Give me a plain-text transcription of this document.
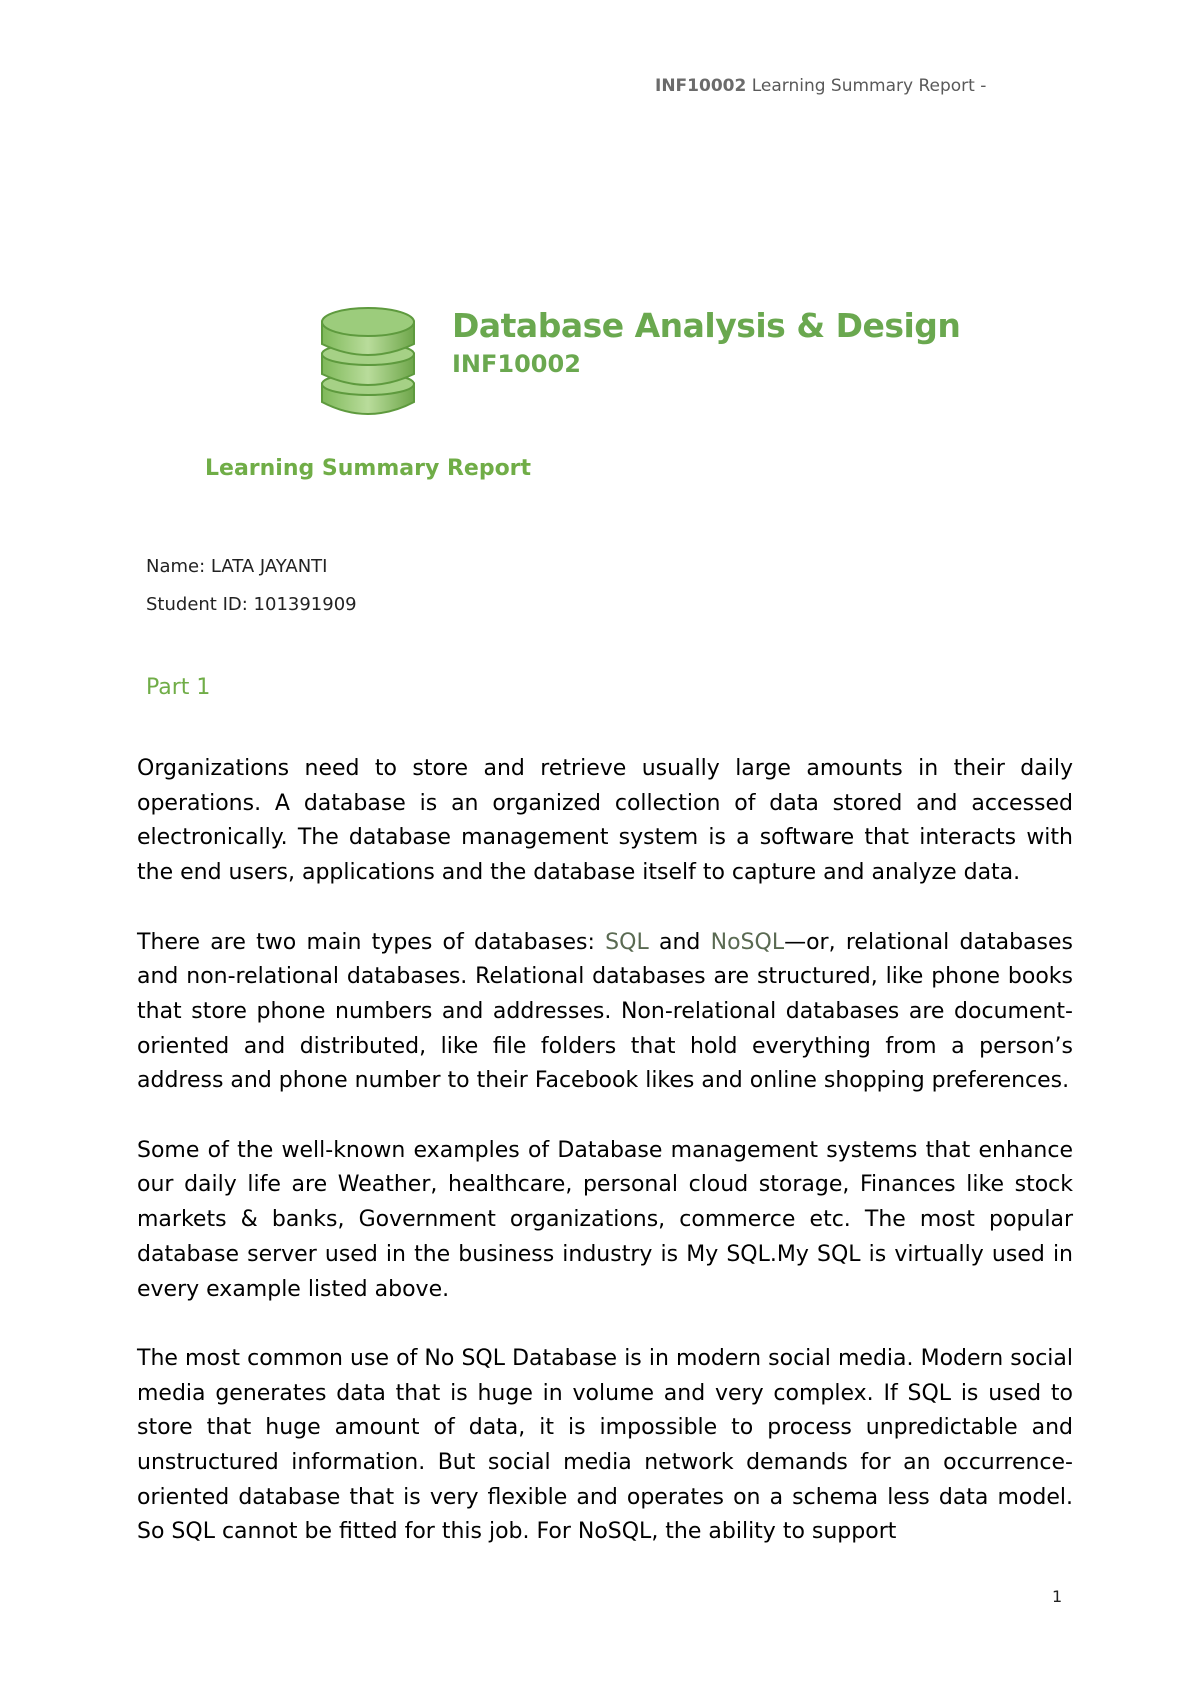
INF10002 Learning Summary Report -
Database Analysis & Design
INF10002
Learning Summary Report
Name: LATA JAYANTI
Student ID: 101391909
Part 1

Organizations need to store and retrieve usually large amounts in their daily operations. A database is an organized collection of data stored and accessed electronically. The database management system is a software that interacts with the end users, applications and the database itself to capture and analyze data.

There are two main types of databases: SQL and NoSQL—or, relational databases and non-relational databases. Relational databases are structured, like phone books that store phone numbers and addresses. Non-relational databases are document-oriented and distributed, like file folders that hold everything from a person’s address and phone number to their Facebook likes and online shopping preferences.

Some of the well-known examples of Database management systems that enhance our daily life are Weather, healthcare, personal cloud storage, Finances like stock markets & banks, Government organizations, commerce etc. The most popular database server used in the business industry is My SQL.My SQL is virtually used in every example listed above.

The most common use of No SQL Database is in modern social media. Modern social media generates data that is huge in volume and very complex. If SQL is used to store that huge amount of data, it is impossible to process unpredictable and unstructured information. But social media network demands for an occurrence-oriented database that is very flexible and operates on a schema less data model. So SQL cannot be fitted for this job. For NoSQL, the ability to support

1
